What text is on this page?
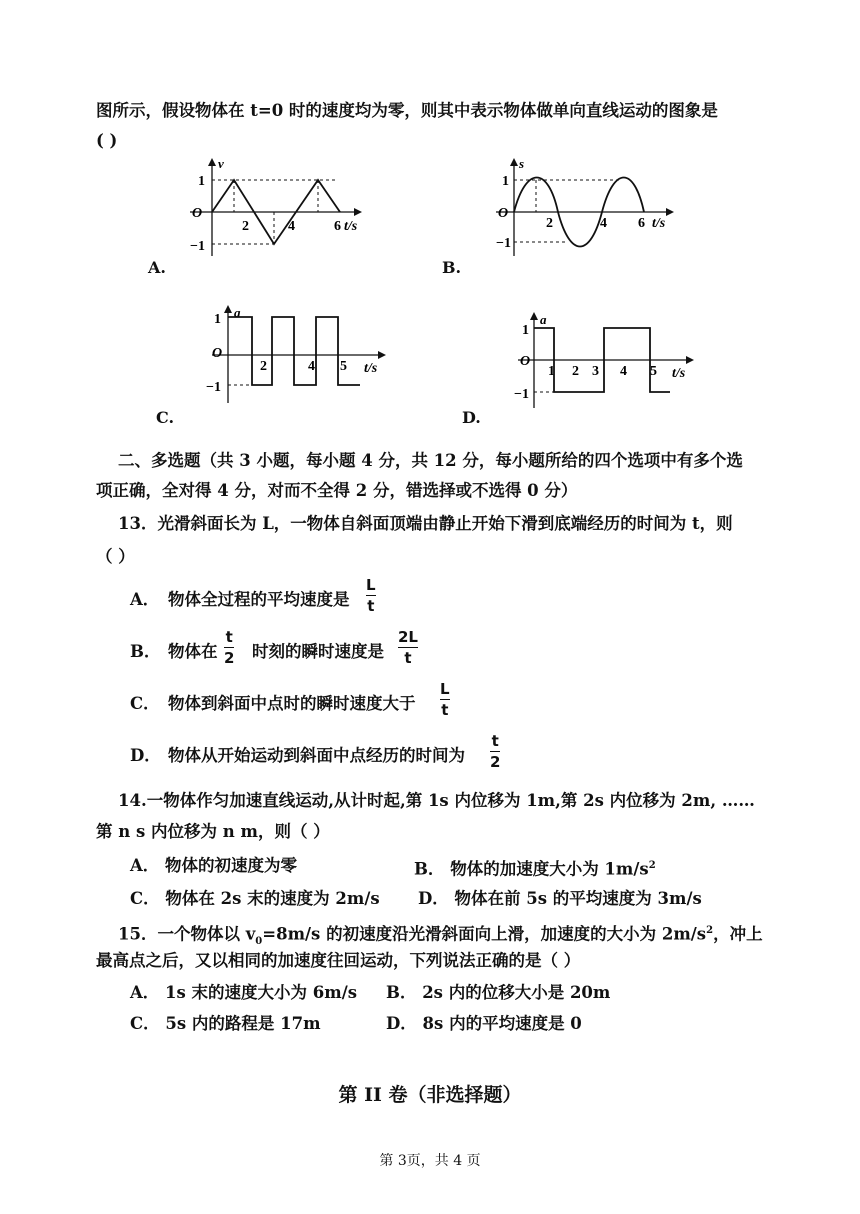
图所示，假设物体在 t=0 时的速度均为零，则其中表示物体做单向直线运动的图象是
( )
v
1
O
−1
2	4	6 t/s
A.
s
1
O
−1
2	4 6 t/s
B.
a
1
O
−1
2	4 5 t/s
C.
a
1
O
−1
1 2 3 4 5 t/s
D.
二、多选题（共 3 小题，每小题 4 分，共 12 分，每小题所给的四个选项中有多个选
项正确，全对得 4 分，对而不全得 2 分，错选择或不选得 0 分）
13．光滑斜面长为 L，一物体自斜面顶端由静止开始下滑到底端经历的时间为 t，则
（ ）
A． 物体全过程的平均速度是
L
t
B． 物体在
t
2 时刻的瞬时速度是
2L
t
C． 物体到斜面中点时的瞬时速度大于
L
t
D． 物体从开始运动到斜面中点经历的时间为
t
2
14.一物体作匀加速直线运动,从计时起,第 1s 内位移为 1m,第 2s 内位移为 2m, ……
第 n s 内位移为 n m，则（ ）
A． 物体的初速度为零	B． 物体的加速度大小为 $1m/s^2$
C． 物体在 2s 末的速度为 2m/s D． 物体在前 5s 的平均速度为 3m/s
15．一个物体以 $v_0=8m/s$ 的初速度沿光滑斜面向上滑，加速度的大小为 $2m/s^2$，冲上
最高点之后，又以相同的加速度往回运动，下列说法正确的是（ ）
A． 1s 末的速度大小为 6m/s B． 2s 内的位移大小是 20m
C． 5s 内的路程是 17m	D． 8s 内的平均速度是 0
第 II 卷（非选择题）
第 3页，共 4 页
